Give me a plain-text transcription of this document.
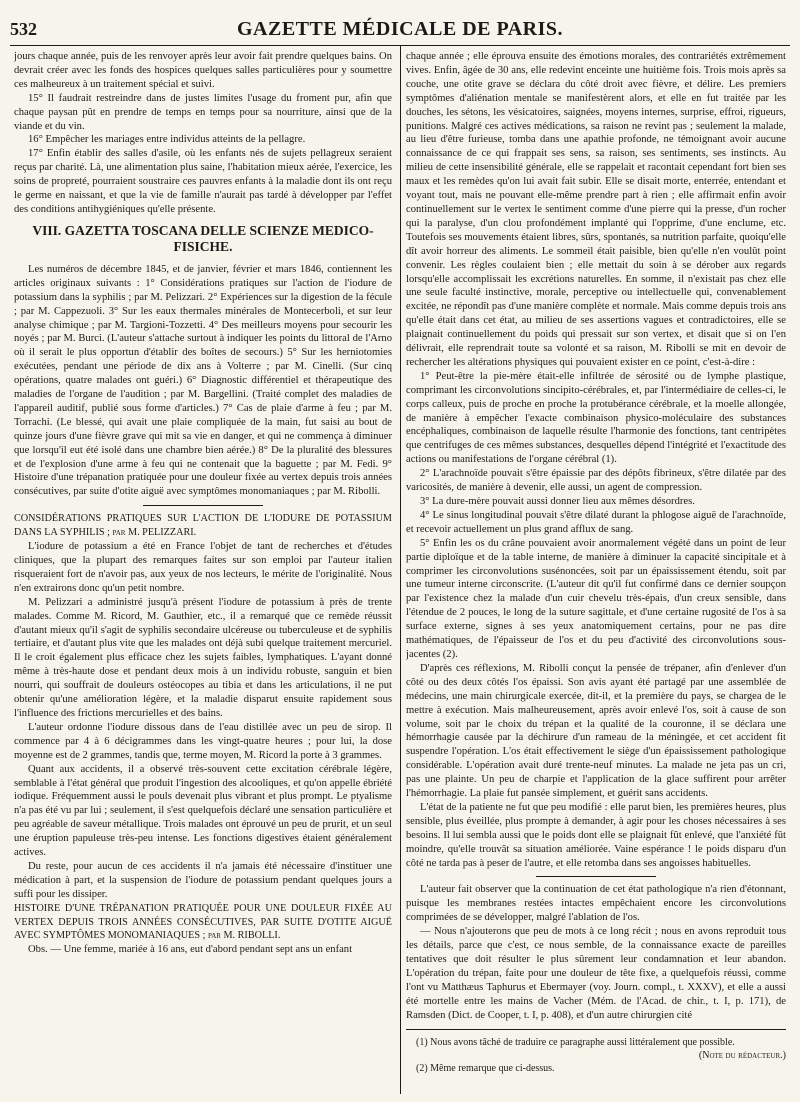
532	GAZETTE MÉDICALE DE PARIS.

jours chaque année, puis de les renvoyer après leur avoir fait prendre quelques bains. On devrait créer avec les fonds des hospices quelques salles particulières pour y soumettre ces malheureux à un traitement spécial et suivi.

15° Il faudrait restreindre dans de justes limites l'usage du froment pur, afin que chaque paysan pût en prendre de temps en temps pour sa nourriture, ainsi que de la viande et du vin.

16° Empêcher les mariages entre individus atteints de la pellagre.

17° Enfin établir des salles d'asile, où les enfants nés de sujets pellagreux seraient reçus par charité. Là, une alimentation plus saine, l'habitation mieux aérée, l'exercice, les soins de propreté, pourraient soustraire ces pauvres enfants à la maladie dont ils ont reçu le germe en naissant, et que la vie de famille n'aurait pas tardé à développer par l'effet des conditions antihygiéniques qu'elle présente.

VIII. GAZETTA TOSCANA DELLE SCIENZE MEDICO-FISICHE.

Les numéros de décembre 1845, et de janvier, février et mars 1846, contiennent les articles originaux suivants : 1° Considérations pratiques sur l'action de l'iodure de potassium dans la syphilis ; par M. Pelizzari. 2° Expériences sur la digestion de la fécule ; par M. Cappezuoli. 3° Sur les eaux thermales minérales de Montecerboli, et sur leur analyse chimique ; par M. Targioni-Tozzetti. 4° Des meilleurs moyens pour secourir les noyés ; par M. Burci. (L'auteur s'attache surtout à indiquer les points du littoral de l'Arno où il serait le plus opportun d'établir des boîtes de secours.) 5° Sur les herniotomies exécutées, pendant une période de dix ans à Volterre ; par M. Cinelli. (Sur cinq opérations, quatre malades ont guéri.) 6° Diagnostic différentiel et thérapeutique des maladies de l'organe de l'audition ; par M. Bargellini. (Traité complet des maladies de l'appareil auditif, publié sous forme d'articles.) 7° Cas de plaie d'arme à feu ; par M. Torrachi. (Le blessé, qui avait une plaie compliquée de la main, fut saisi au bout de quinze jours d'une fièvre grave qui mit sa vie en danger, et qui ne commença à diminuer que lorsqu'il eut été isolé dans une chambre bien aérée.) 8° De la pluralité des blessures et de l'explosion d'une arme à feu qui ne contenait que la baguette ; par M. Fedi. 9° Histoire d'une trépanation pratiquée pour une douleur fixée au vertex depuis trois années consécutives, par suite d'otite aiguë avec symptômes monomaniaques ; par M. Ribolli.

CONSIDÉRATIONS PRATIQUES SUR L'ACTION DE L'IODURE DE POTASSIUM DANS LA SYPHILIS ; par M. PELIZZARI.

L'iodure de potassium a été en France l'objet de tant de recherches et d'études cliniques, que la plupart des remarques faites sur son emploi par l'auteur italien risqueraient fort de n'avoir pas, aux yeux de nos lecteurs, le mérite de l'originalité. Nous n'en extrairons donc qu'un petit nombre.

M. Pelizzari a administré jusqu'à présent l'iodure de potassium à près de trente malades. Comme M. Ricord, M. Gauthier, etc., il a remarqué que ce remède réussit d'autant mieux qu'il s'agit de syphilis secondaire ulcéreuse ou tuberculeuse et de syphilis tertiaire, et d'autant plus vite que les malades ont déjà subi quelque traitement mercuriel. Il le croit également plus efficace chez les sujets faibles, lymphatiques. L'ayant donné même à très-haute dose et pendant deux mois à un individu robuste, sanguin et bien nourri, qui souffrait de douleurs ostéocopes au tibia et dans les articulations, il ne put obtenir qu'une amélioration légère, et la maladie disparut ensuite rapidement sous l'influence des frictions mercurielles et des bains.

L'auteur ordonne l'iodure dissous dans de l'eau distillée avec un peu de sirop. Il commence par 4 à 6 décigrammes dans les vingt-quatre heures ; pour lui, la dose moyenne est de 2 grammes, tandis que, terme moyen, M. Ricord la porte à 3 grammes.

Quant aux accidents, il a observé très-souvent cette excitation cérébrale légère, semblable à l'état général que produit l'ingestion des alcooliques, et qu'on appelle ébriété iodique. Fréquemment aussi le pouls devenait plus vibrant et plus prompt. Le ptyalisme n'a pas été vu par lui ; seulement, il s'est quelquefois déclaré une sensation particulière et peu agréable de saveur métallique. Trois malades ont éprouvé un peu de prurit, et un seul une éruption papuleuse très-peu intense. Les fonctions digestives étaient généralement actives.

Du reste, pour aucun de ces accidents il n'a jamais été nécessaire d'instituer une médication à part, et la suspension de l'iodure de potassium pendant quelques jours a suffi pour les dissiper.

HISTOIRE D'UNE TRÉPANATION PRATIQUÉE POUR UNE DOULEUR FIXÉE AU VERTEX DEPUIS TROIS ANNÉES CONSÉCUTIVES, PAR SUITE D'OTITE AIGUË AVEC SYMPTÔMES MONOMANIAQUES ; par M. RIBOLLI.

Obs. — Une femme, mariée à 16 ans, eut d'abord pendant sept ans un enfant

chaque année ; elle éprouva ensuite des émotions morales, des contrariétés extrêmement vives. Enfin, âgée de 30 ans, elle redevint enceinte une huitième fois. Trois mois après sa couche, une otite grave se déclara du côté droit avec fièvre, et délire. Les premiers symptômes d'aliénation mentale se manifestèrent alors, et elle en fut traitée par les douches, les sétons, les vésicatoires, saignées, moyens internes, surprise, effroi, rigueurs, punitions. Malgré ces actives médications, sa raison ne revint pas ; seulement la malade, au lieu d'être furieuse, tomba dans une apathie profonde, ne témoignant avoir aucune connaissance de ce qui frappait ses sens, sa raison, ses sentiments, ses instincts. Au milieu de cette insensibilité générale, elle se rappelait et racontait cependant fort bien ses maux et les remèdes qu'on lui avait fait subir. Elle se disait morte, enterrée, entendant et voyant tout, mais ne pouvant elle-même prendre part à rien ; elle affirmait enfin avoir continuellement sur le vertex le sentiment comme d'une pierre qui la presse, d'un rocher qui la paralyse, d'un clou profondément implanté qui l'opprime, d'une enclume, etc. Toutefois ses mouvements étaient libres, sûrs, spontanés, sa nutrition parfaite, quoiqu'elle dît avoir horreur des aliments. Le sommeil était paisible, bien qu'elle n'en voulût point convenir. Les règles coulaient bien ; elle mettait du soin à se dérober aux regards lorsqu'elle accomplissait les excrétions naturelles. En somme, il n'existait pas chez elle une seule faculté instinctive, morale, perceptive ou intellectuelle qui, convenablement excitée, ne répondît pas d'une manière complète et normale. Mais comme depuis trois ans qu'elle était dans cet état, au milieu de ses assertions vagues et contradictoires, elle se plaignait continuellement du poids qui pressait sur son vertex, et disait que si on l'en délivrait, elle reprendrait toute sa volonté et sa raison, M. Ribolli se mit en devoir de rechercher les altérations physiques qui pouvaient exister en ce point, c'est-à-dire :

1° Peut-être la pie-mère était-elle infiltrée de sérosité ou de lymphe plastique, comprimant les circonvolutions sincipito-cérébrales, et, par l'intermédiaire de celles-ci, le corps calleux, puis de proche en proche la protubérance cérébrale, et la moelle allongée, de manière à empêcher l'exacte combinaison physico-moléculaire des substances encéphaliques, combinaison de laquelle résulte l'harmonie des fonctions, tant centripètes que centrifuges de ces mêmes substances, desquelles dépend l'intégrité et l'exactitude des actions ou manifestations de l'organe cérébral (1).

2° L'arachnoïde pouvait s'être épaissie par des dépôts fibrineux, s'être dilatée par des varicosités, de manière à devenir, elle aussi, un agent de compression.

3° La dure-mère pouvait aussi donner lieu aux mêmes désordres.

4° Le sinus longitudinal pouvait s'être dilaté durant la phlogose aiguë de l'arachnoïde, et recevoir actuellement un plus grand afflux de sang.

5° Enfin les os du crâne pouvaient avoir anormalement végété dans un point de leur partie diploïque et de la table interne, de manière à diminuer la capacité sincipitale et à comprimer les circonvolutions susénoncées, soit par un épaississement étendu, soit par une tumeur interne circonscrite. (L'auteur dit qu'il fut confirmé dans ce dernier soupçon par l'existence chez la malade d'un cuir chevelu très-épais, d'un creux sensible, dans l'étendue de 2 pouces, le long de la suture sagittale, et d'une certaine rugosité de l'os à sa surface externe, signes à ses yeux anatomiquement certains, pour ne pas dire mathématiques, de l'épaisseur de l'os et du peu d'activité des circonvolutions sous-jacentes (2).

D'après ces réflexions, M. Ribolli conçut la pensée de trépaner, afin d'enlever d'un côté ou des deux côtés l'os épaissi. Son avis ayant été partagé par une assemblée de médecins, une main chirurgicale exercée, dit-il, et la première du pays, se chargea de le mettre à exécution. Mais malheureusement, après avoir enlevé l'os, soit à cause de son volume, soit par le choix du trépan et la qualité de la couronne, il se déclara une hémorrhagie causée par la déchirure d'un rameau de la méningée, et cet accident fit suspendre l'opération. L'os était effectivement le siège d'un épaississement pathologique considérable. L'opération avait duré trente-neuf minutes. La malade ne jeta pas un cri, pas une plainte. Un peu de charpie et l'application de la glace suffirent pour arrêter l'hémorrhagie. La plaie fut pansée simplement, et guérit sans accidents.

L'état de la patiente ne fut que peu modifié : elle parut bien, les premières heures, plus sensible, plus éveillée, plus prompte à demander, à agir pour les choses nécessaires à ses besoins. Il lui sembla aussi que le poids dont elle se plaignait fût enlevé, que l'anxiété fût moindre, qu'elle trouvât sa situation améliorée. Vaine espérance ! le poids disparu d'un côté ne tarda pas à peser de l'autre, et elle retomba dans ses angoisses habituelles.

L'auteur fait observer que la continuation de cet état pathologique n'a rien d'étonnant, puisque les membranes restées intactes empêchaient encore les circonvolutions comprimées de se développer, malgré l'ablation de l'os.

— Nous n'ajouterons que peu de mots à ce long récit ; nous en avons reproduit tous les détails, parce que c'est, ce nous semble, de la connaissance exacte de pareilles tentatives que doit résulter le plus sûrement leur condamnation et leur abandon. L'opération du trépan, faite pour une douleur de tête fixe, a quelquefois réussi, comme l'ont vu Matthæus Taphurus et Ebermayer (voy. Journ. compl., t. XXXV), et elle a aussi été mortelle entre les mains de Vacher (Mém. de l'Acad. de chir., t. I, p. 171), de Ramsden (Dict. de Cooper, t. I, p. 408), et d'un autre chirurgien cité

(1) Nous avons tâché de traduire ce paragraphe aussi littéralement que possible.

(Note du rédacteur.)

(2) Même remarque que ci-dessus.
